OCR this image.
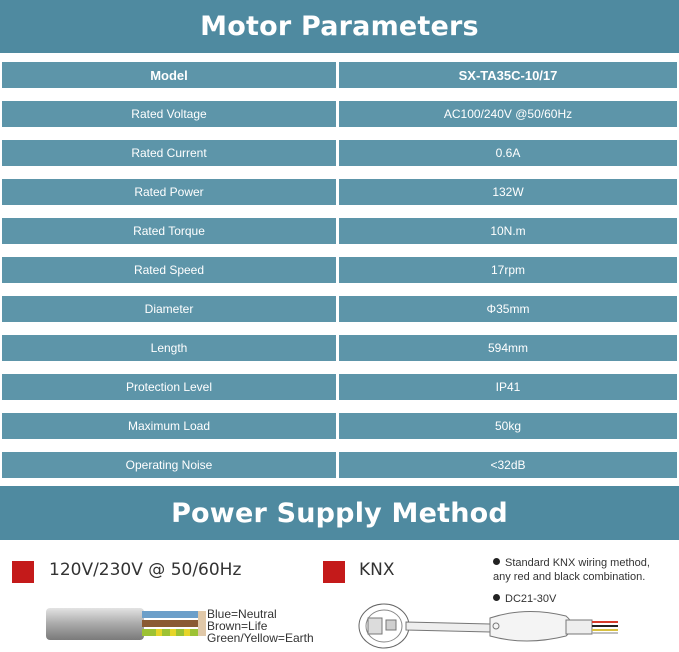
Motor Parameters
Model	SX-TA35C-10/17
Rated Voltage	AC100/240V @50/60Hz
Rated Current	0.6A
Rated Power	132W
Rated Torque	10N.m
Rated Speed	17rpm
Diameter	Φ35mm
Length	594mm
Protection Level	IP41
Maximum Load	50kg
Operating Noise	<32dB
Power Supply Method
120V/230V @ 50/60Hz	KNX	Standard KNX wiring method,
any red and black combination.
DC21-30V
Blue=Neutral
Brown=Life
Green/Yellow=Earth
